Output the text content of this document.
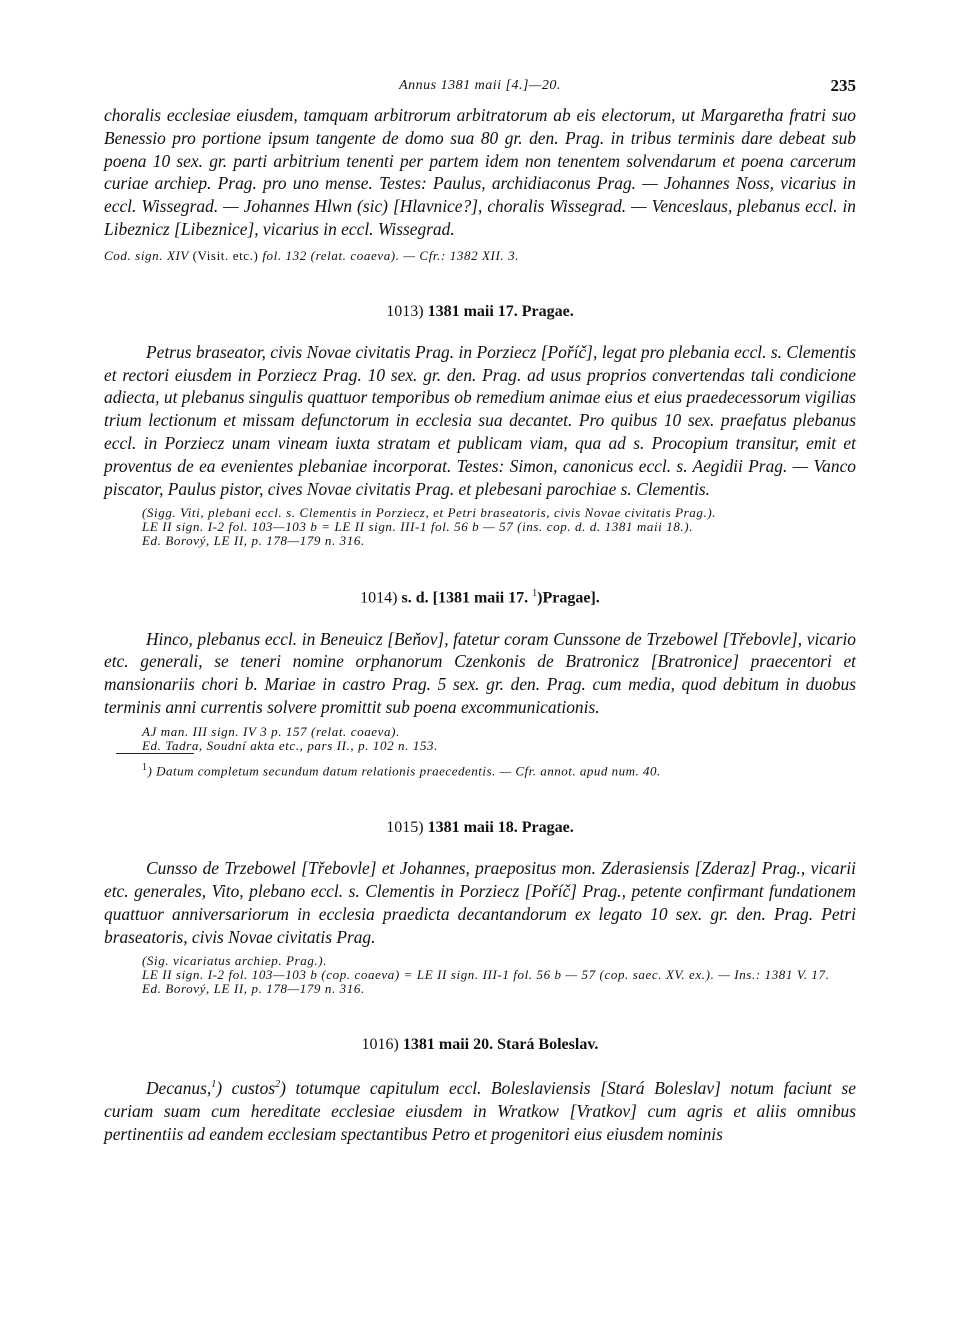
Annus 1381 maii [4.]—20.	235

choralis ecclesiae eiusdem, tamquam arbitrorum arbitratorum ab eis electorum, ut Margaretha fratri suo Benessio pro portione ipsum tangente de domo sua 80 gr. den. Prag. in tribus terminis dare debeat sub poena 10 sex. gr. parti arbitrium tenenti per partem idem non tenentem solvendarum et poena carcerum curiae archiep. Prag. pro uno mense. Testes: Paulus, archidiaconus Prag. — Johannes Noss, vicarius in eccl. Wissegrad. — Johannes Hlwn (sic) [Hlavnice?], choralis Wissegrad. — Venceslaus, plebanus eccl. in Libeznicz [Libeznice], vicarius in eccl. Wissegrad.

Cod. sign. XIV (Visit. etc.) fol. 132 (relat. coaeva). — Cfr.: 1382 XII. 3.

1013) 1381 maii 17. Pragae.

Petrus braseator, civis Novae civitatis Prag. in Porziecz [Poříč], legat pro plebania eccl. s. Clementis et rectori eiusdem in Porziecz Prag. 10 sex. gr. den. Prag. ad usus proprios convertendas tali condicione adiecta, ut plebanus singulis quattuor temporibus ob remedium animae eius et eius praedecessorum vigilias trium lectionum et missam defunctorum in ecclesia sua decantet. Pro quibus 10 sex. praefatus plebanus eccl. in Porziecz unam vineam iuxta stratam et publicam viam, qua ad s. Procopium transitur, emit et proventus de ea evenientes plebaniae incorporat. Testes: Simon, canonicus eccl. s. Aegidii Prag. — Vanco piscator, Paulus pistor, cives Novae civitatis Prag. et plebesani parochiae s. Clementis.

(Sigg. Viti, plebani eccl. s. Clementis in Porziecz, et Petri braseatoris, civis Novae civitatis Prag.).

LE II sign. I-2 fol. 103—103 b = LE II sign. III-1 fol. 56 b — 57 (ins. cop. d. d. 1381 maii 18.).

Ed. Borový, LE II, p. 178—179 n. 316.

1014) s. d. [1381 maii 17. $^1$)Pragae].

Hinco, plebanus eccl. in Beneuicz [Beňov], fatetur coram Cunssone de Trzebowel [Třebovle], vicario etc. generali, se teneri nomine orphanorum Czenkonis de Bratronicz [Bratronice] praecentori et mansionariis chori b. Mariae in castro Prag. 5 sex. gr. den. Prag. cum media, quod debitum in duobus terminis anni currentis solvere promittit sub poena excommunicationis.

AJ man. III sign. IV 3 p. 157 (relat. coaeva).

Ed. Tadra, Soudní akta etc., pars II., p. 102 n. 153.

$^1$) Datum completum secundum datum relationis praecedentis. — Cfr. annot. apud num. 40.

1015) 1381 maii 18. Pragae.

Cunsso de Trzebowel [Třebovle] et Johannes, praepositus mon. Zderasiensis [Zderaz] Prag., vicarii etc. generales, Vito, plebano eccl. s. Clementis in Porziecz [Poříč] Prag., petente confirmant fundationem quattuor anniversariorum in ecclesia praedicta decantandorum ex legato 10 sex. gr. den. Prag. Petri braseatoris, civis Novae civitatis Prag.

(Sig. vicariatus archiep. Prag.).

LE II sign. I-2 fol. 103—103 b (cop. coaeva) = LE II sign. III-1 fol. 56 b — 57 (cop. saec. XV. ex.). — Ins.: 1381 V. 17.

Ed. Borový, LE II, p. 178—179 n. 316.

1016) 1381 maii 20. Stará Boleslav.

Decanus,$^1$) custos$^2$) totumque capitulum eccl. Boleslaviensis [Stará Boleslav] notum faciunt se curiam suam cum hereditate ecclesiae eiusdem in Wratkow [Vratkov] cum agris et aliis omnibus pertinentiis ad eandem ecclesiam spectantibus Petro et progenitori eius eiusdem nominis
